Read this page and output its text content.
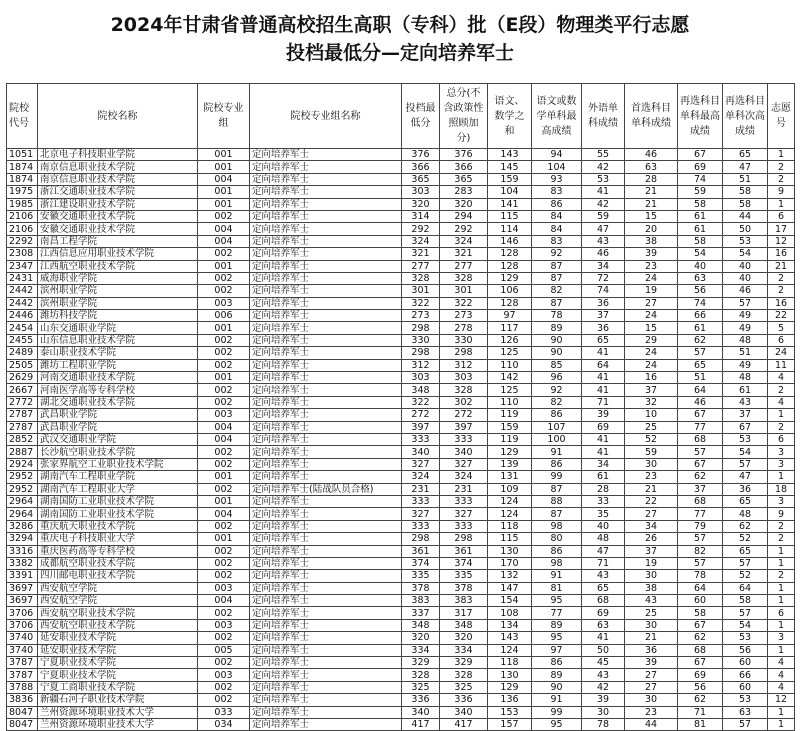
2024年甘肃省普通高校招生高职（专科）批（E段）物理类平行志愿
投档最低分—定向培养军士
院校代号	院校名称	院校专业组	院校专业组名称	投档最低分	总分(不含政策性照顾加分)	语文、数学之和	语文或数学单科最高成绩	外语单科成绩	首选科目单科成绩	再选科目单科最高成绩	再选科目单科次高成绩	志愿号
1051	北京电子科技职业学院	001	定向培养军士	376	376	143	94	55	46	67	65	1
1874	南京信息职业技术学院	001	定向培养军士	366	366	145	104	42	63	69	47	2
1874	南京信息职业技术学院	004	定向培养军士	365	365	159	93	53	28	74	51	2
1975	浙江交通职业技术学院	001	定向培养军士	303	283	104	83	41	21	59	58	9
1985	浙江建设职业技术学院	001	定向培养军士	320	320	141	86	42	21	58	58	1
2106	安徽交通职业技术学院	002	定向培养军士	314	294	115	84	59	15	61	44	6
2106	安徽交通职业技术学院	004	定向培养军士	292	292	114	84	47	20	61	50	17
2292	南昌工程学院	004	定向培养军士	324	324	146	83	43	38	58	53	12
2308	江西信息应用职业技术学院	002	定向培养军士	321	321	128	92	46	39	54	54	16
2347	江西航空职业技术学院	001	定向培养军士	277	277	128	87	34	23	40	40	21
2431	威海职业学院	002	定向培养军士	328	328	129	87	72	24	63	40	2
2442	滨州职业学院	002	定向培养军士	301	301	106	82	74	19	56	46	2
2442	滨州职业学院	003	定向培养军士	322	322	128	87	36	27	74	57	16
2446	潍坊科技学院	006	定向培养军士	273	273	97	78	37	24	66	49	22
2454	山东交通职业学院	001	定向培养军士	298	278	117	89	36	15	61	49	5
2455	山东信息职业技术学院	002	定向培养军士	330	330	126	90	65	29	62	48	6
2489	泰山职业技术学院	002	定向培养军士	298	298	125	90	41	24	57	51	24
2505	潍坊工程职业学院	002	定向培养军士	312	312	110	85	64	24	65	49	11
2629	河南交通职业技术学院	001	定向培养军士	303	303	142	96	41	16	51	48	4
2667	河南医学高等专科学校	002	定向培养军士	348	328	125	92	41	37	64	61	2
2772	湖北交通职业技术学院	002	定向培养军士	322	302	110	82	71	32	46	43	4
2787	武昌职业学院	003	定向培养军士	272	272	119	86	39	10	67	37	1
2787	武昌职业学院	004	定向培养军士	397	397	159	107	69	25	77	67	2
2852	武汉交通职业学院	004	定向培养军士	333	333	119	100	41	52	68	53	6
2887	长沙航空职业技术学院	002	定向培养军士	340	340	129	91	41	59	57	54	3
2924	张家界航空工业职业技术学院	002	定向培养军士	327	327	139	86	34	30	67	57	3
2952	湖南汽车工程职业学院	001	定向培养军士	324	324	131	99	61	23	62	47	1
2952	湖南汽车工程职业大学	002	定向培养军士(陆战队员合格)	231	231	109	87	28	21	37	36	18
2964	湖南国防工业职业技术学院	001	定向培养军士	333	333	124	88	33	22	68	65	3
2964	湖南国防工业职业技术学院	004	定向培养军士	327	327	124	87	35	27	77	48	9
3286	重庆航天职业技术学院	002	定向培养军士	333	333	118	98	40	34	79	62	2
3294	重庆电子科技职业大学	001	定向培养军士	298	298	115	80	48	26	57	52	2
3316	重庆医药高等专科学校	002	定向培养军士	361	361	130	86	47	37	82	65	1
3382	成都航空职业技术学院	002	定向培养军士	374	374	170	98	71	19	57	57	1
3391	四川邮电职业技术学院	002	定向培养军士	335	335	132	91	43	30	78	52	2
3697	西安航空学院	003	定向培养军士	378	378	147	81	65	38	64	64	1
3697	西安航空学院	004	定向培养军士	383	383	154	95	68	43	60	58	1
3706	西安航空职业技术学院	002	定向培养军士	337	317	108	77	69	25	58	57	6
3706	西安航空职业技术学院	003	定向培养军士	348	348	134	89	63	30	67	54	1
3740	延安职业技术学院	002	定向培养军士	320	320	143	95	41	21	62	53	3
3740	延安职业技术学院	005	定向培养军士	334	334	124	97	50	36	68	56	1
3787	宁夏职业技术学院	002	定向培养军士	329	329	118	86	45	39	67	60	4
3787	宁夏职业技术学院	003	定向培养军士	328	328	130	89	43	27	69	66	4
3788	宁夏工商职业技术学院	002	定向培养军士	325	325	129	90	42	27	56	60	4
3836	新疆石河子职业技术学院	002	定向培养军士	336	336	136	91	39	30	62	53	12
8047	兰州资源环境职业技术大学	033	定向培养军士	340	340	153	99	30	23	71	63	1
8047	兰州资源环境职业技术大学	034	定向培养军士	417	417	157	95	78	44	81	57	1
